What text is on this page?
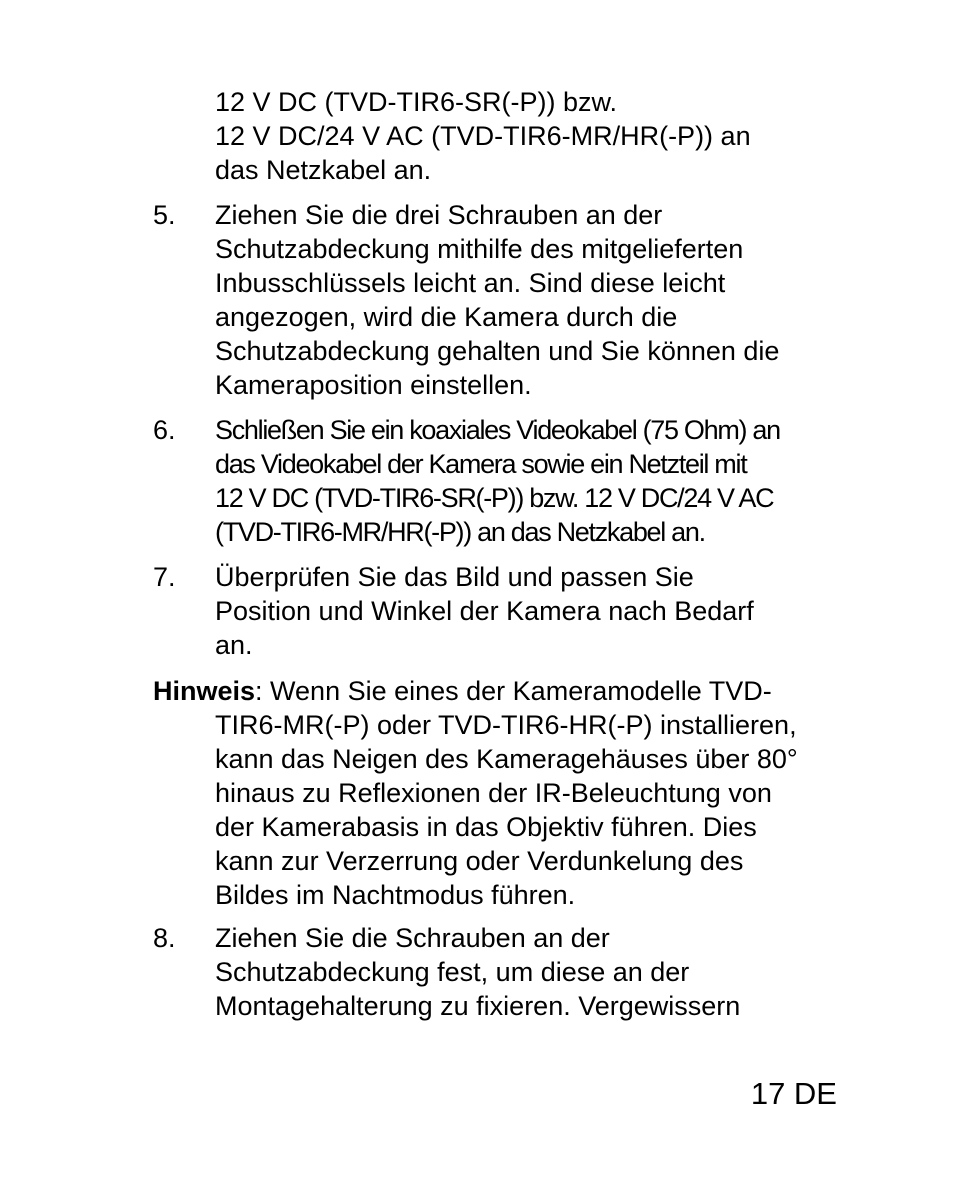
12 V DC (TVD-TIR6-SR(-P)) bzw.
12 V DC/24 V AC (TVD-TIR6-MR/HR(-P)) an
das Netzkabel an.
5.	Ziehen Sie die drei Schrauben an der
Schutzabdeckung mithilfe des mitgelieferten
Inbusschlüssels leicht an. Sind diese leicht
angezogen, wird die Kamera durch die
Schutzabdeckung gehalten und Sie können die
Kameraposition einstellen.
6.	Schließen Sie ein koaxiales Videokabel (75 Ohm) an
das Videokabel der Kamera sowie ein Netzteil mit
12 V DC (TVD-TIR6-SR(-P)) bzw. 12 V DC/24 V AC
(TVD-TIR6-MR/HR(-P)) an das Netzkabel an.
7.	Überprüfen Sie das Bild und passen Sie
Position und Winkel der Kamera nach Bedarf
an.
Hinweis: Wenn Sie eines der Kameramodelle TVD-
TIR6-MR(-P) oder TVD-TIR6-HR(-P) installieren,
kann das Neigen des Kameragehäuses über 80°
hinaus zu Reflexionen der IR-Beleuchtung von
der Kamerabasis in das Objektiv führen. Dies
kann zur Verzerrung oder Verdunkelung des
Bildes im Nachtmodus führen.
8.	Ziehen Sie die Schrauben an der
Schutzabdeckung fest, um diese an der
Montagehalterung zu fixieren. Vergewissern
17 DE
